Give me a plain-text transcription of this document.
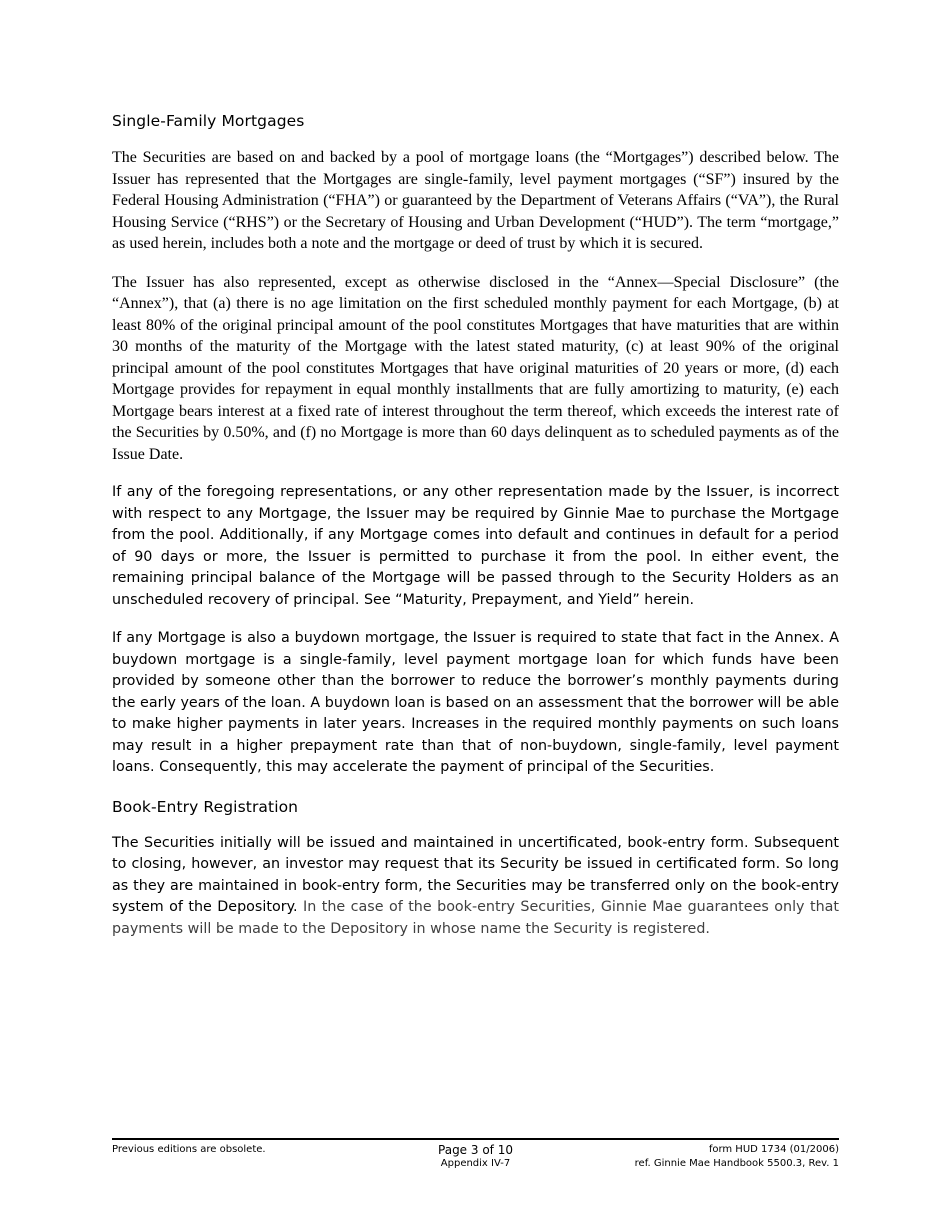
Single-Family Mortgages

The Securities are based on and backed by a pool of mortgage loans (the “Mortgages”) described below. The Issuer has represented that the Mortgages are single-family, level payment mortgages (“SF”) insured by the Federal Housing Administration (“FHA”) or guaranteed by the Department of Veterans Affairs (“VA”), the Rural Housing Service (“RHS”) or the Secretary of Housing and Urban Development (“HUD”). The term “mortgage,” as used herein, includes both a note and the mortgage or deed of trust by which it is secured.

The Issuer has also represented, except as otherwise disclosed in the “Annex—Special Disclosure” (the “Annex”), that (a) there is no age limitation on the first scheduled monthly payment for each Mortgage, (b) at least 80% of the original principal amount of the pool constitutes Mortgages that have maturities that are within 30 months of the maturity of the Mortgage with the latest stated maturity, (c) at least 90% of the original principal amount of the pool constitutes Mortgages that have original maturities of 20 years or more, (d) each Mortgage provides for repayment in equal monthly installments that are fully amortizing to maturity, (e) each Mortgage bears interest at a fixed rate of interest throughout the term thereof, which exceeds the interest rate of the Securities by 0.50%, and (f) no Mortgage is more than 60 days delinquent as to scheduled payments as of the Issue Date.

If any of the foregoing representations, or any other representation made by the Issuer, is incorrect with respect to any Mortgage, the Issuer may be required by Ginnie Mae to purchase the Mortgage from the pool. Additionally, if any Mortgage comes into default and continues in default for a period of 90 days or more, the Issuer is permitted to purchase it from the pool. In either event, the remaining principal balance of the Mortgage will be passed through to the Security Holders as an unscheduled recovery of principal. See “Maturity, Prepayment, and Yield” herein.

If any Mortgage is also a buydown mortgage, the Issuer is required to state that fact in the Annex. A buydown mortgage is a single-family, level payment mortgage loan for which funds have been provided by someone other than the borrower to reduce the borrower’s monthly payments during the early years of the loan. A buydown loan is based on an assessment that the borrower will be able to make higher payments in later years. Increases in the required monthly payments on such loans may result in a higher prepayment rate than that of non-buydown, single-family, level payment loans. Consequently, this may accelerate the payment of principal of the Securities.

Book-Entry Registration

The Securities initially will be issued and maintained in uncertificated, book-entry form. Subsequent to closing, however, an investor may request that its Security be issued in certificated form. So long as they are maintained in book-entry form, the Securities may be transferred only on the book-entry system of the Depository. In the case of the book-entry Securities, Ginnie Mae guarantees only that payments will be made to the Depository in whose name the Security is registered.

Previous editions are obsolete.	Page 3 of 10
Appendix IV-7
form HUD 1734 (01/2006)
ref. Ginnie Mae Handbook 5500.3, Rev. 1
